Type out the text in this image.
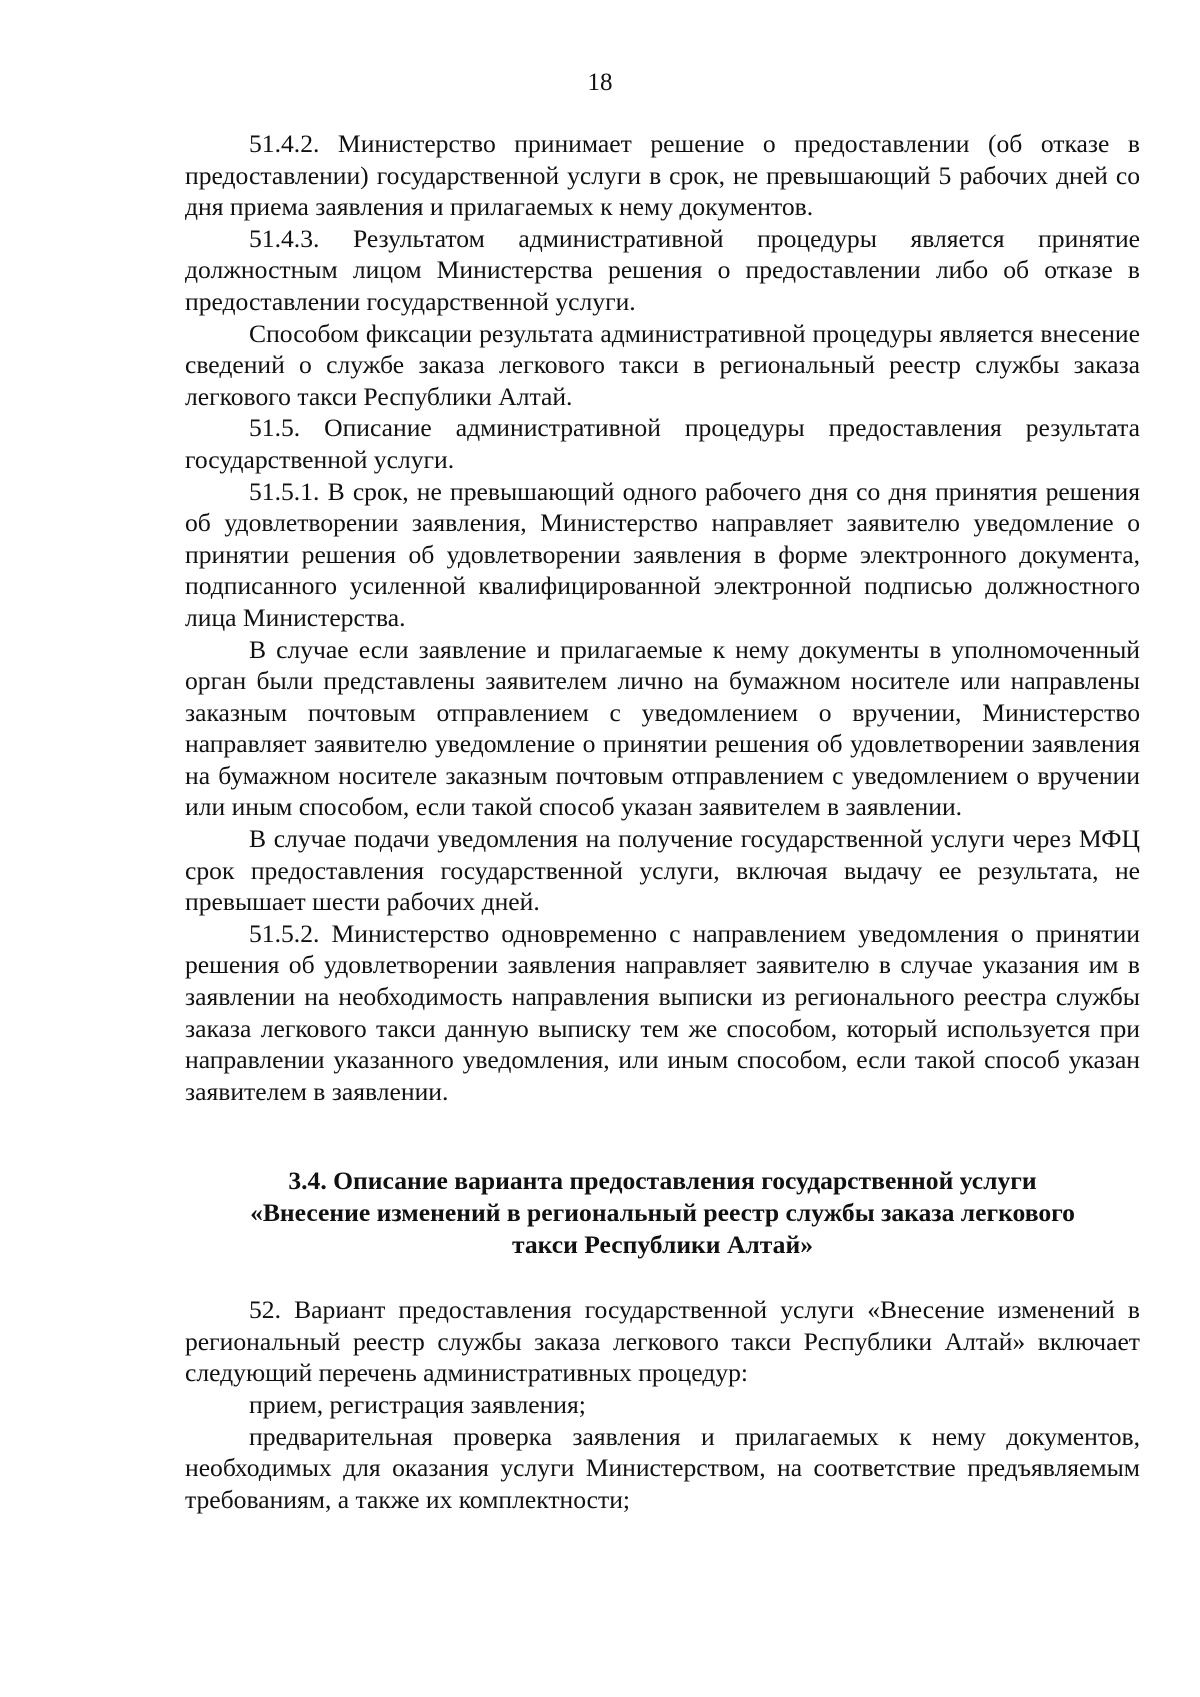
18

51.4.2. Министерство принимает решение о предоставлении (об отказе в предоставлении) государственной услуги в срок, не превышающий 5 рабочих дней со дня приема заявления и прилагаемых к нему документов.

51.4.3. Результатом административной процедуры является принятие должностным лицом Министерства решения о предоставлении либо об отказе в предоставлении государственной услуги.

Способом фиксации результата административной процедуры является внесение сведений о службе заказа легкового такси в региональный реестр службы заказа легкового такси Республики Алтай.

51.5. Описание административной процедуры предоставления результата государственной услуги.

51.5.1. В срок, не превышающий одного рабочего дня со дня принятия решения об удовлетворении заявления, Министерство направляет заявителю уведомление о принятии решения об удовлетворении заявления в форме электронного документа, подписанного усиленной квалифицированной электронной подписью должностного лица Министерства.

В случае если заявление и прилагаемые к нему документы в уполномоченный орган были представлены заявителем лично на бумажном носителе или направлены заказным почтовым отправлением с уведомлением о вручении, Министерство направляет заявителю уведомление о принятии решения об удовлетворении заявления на бумажном носителе заказным почтовым отправлением с уведомлением о вручении или иным способом, если такой способ указан заявителем в заявлении.

В случае подачи уведомления на получение государственной услуги через МФЦ срок предоставления государственной услуги, включая выдачу ее результата, не превышает шести рабочих дней.

51.5.2. Министерство одновременно с направлением уведомления о принятии решения об удовлетворении заявления направляет заявителю в случае указания им в заявлении на необходимость направления выписки из регионального реестра службы заказа легкового такси данную выписку тем же способом, который используется при направлении указанного уведомления, или иным способом, если такой способ указан заявителем в заявлении.

3.4. Описание варианта предоставления государственной услуги
«Внесение изменений в региональный реестр службы заказа легкового
такси Республики Алтай»

52. Вариант предоставления государственной услуги «Внесение изменений в региональный реестр службы заказа легкового такси Республики Алтай» включает следующий перечень административных процедур:

прием, регистрация заявления;

предварительная проверка заявления и прилагаемых к нему документов, необходимых для оказания услуги Министерством, на соответствие предъявляемым требованиям, а также их комплектности;
